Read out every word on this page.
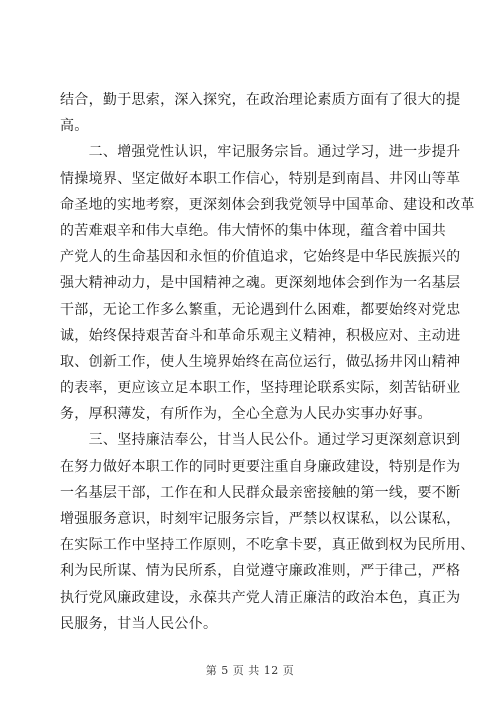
结合，勤于思索，深入探究，在政治理论素质方面有了很大的提
高。
　　二、增强党性认识，牢记服务宗旨。通过学习，进一步提升
情操境界、坚定做好本职工作信心，特别是到南昌、井冈山等革
命圣地的实地考察，更深刻体会到我党领导中国革命、建设和改革
的苦难艰辛和伟大卓绝。伟大情怀的集中体现，蕴含着中国共
产党人的生命基因和永恒的价值追求，它始终是中华民族振兴的
强大精神动力，是中国精神之魂。更深刻地体会到作为一名基层
干部，无论工作多么繁重，无论遇到什么困难，都要始终对党忠
诚，始终保持艰苦奋斗和革命乐观主义精神，积极应对、主动进
取、创新工作，使人生境界始终在高位运行，做弘扬井冈山精神
的表率，更应该立足本职工作，坚持理论联系实际，刻苦钻研业
务，厚积薄发，有所作为，全心全意为人民办实事办好事。
　　三、坚持廉洁奉公，甘当人民公仆。通过学习更深刻意识到
在努力做好本职工作的同时更要注重自身廉政建设，特别是作为
一名基层干部，工作在和人民群众最亲密接触的第一线，要不断
增强服务意识，时刻牢记服务宗旨，严禁以权谋私，以公谋私，
在实际工作中坚持工作原则，不吃拿卡要，真正做到权为民所用、
利为民所谋、情为民所系，自觉遵守廉政准则，严于律己，严格
执行党风廉政建设，永葆共产党人清正廉洁的政治本色，真正为
民服务，甘当人民公仆。
第 5 页 共 12 页
